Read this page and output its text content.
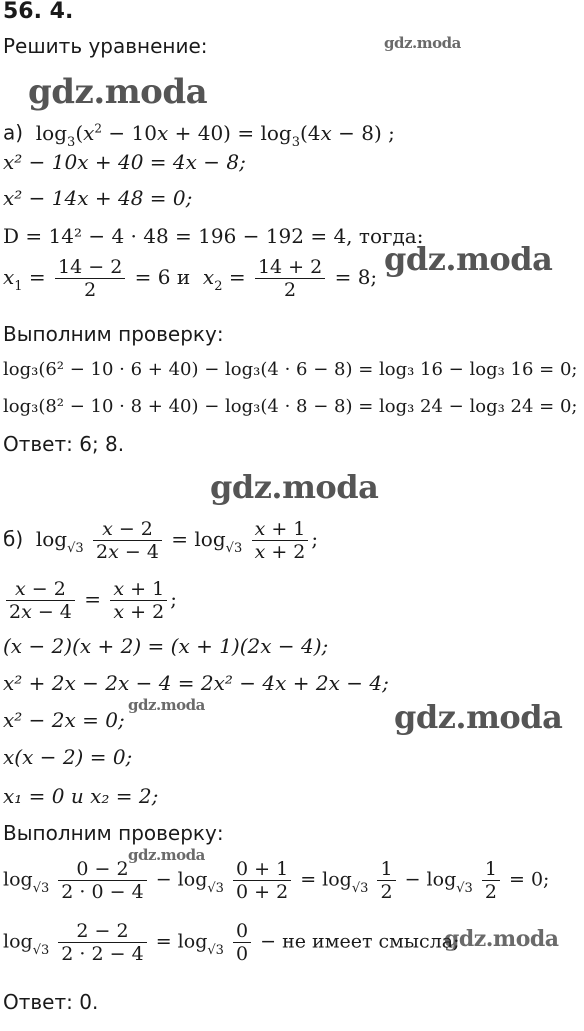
56. 4.
Решить уравнение:	gdz.moda
gdz.moda
gdz.moda
gdz.moda
gdz.moda	gdz.moda
gdz.moda
gdz.moda
а)  $\log_3(x^2 - 10x + 40) = \log_3(4x - 8)$ ;
x² − 10x + 40 = 4x − 8;
x² − 14x + 48 = 0;
D = 14² − 4 · 48 = 196 − 192 = 4, тогда:
$x_1 = \frac{14 - 2}{2} = 6$ и $x_2 = \frac{14 + 2}{2} = 8$;
Выполним проверку:
log₃(6² − 10 · 6 + 40) − log₃(4 · 6 − 8) = log₃ 16 − log₃ 16 = 0;
log₃(8² − 10 · 8 + 40) − log₃(4 · 8 − 8) = log₃ 24 − log₃ 24 = 0;
Ответ: 6; 8.
б)  $\log_{√3} \frac{x - 2}{2x - 4} = \log_{√3} \frac{x + 1}{x + 2}$ ;
$\frac{x - 2}{2x - 4} = \frac{x + 1}{x + 2}$ ;
(x − 2)(x + 2) = (x + 1)(2x − 4);
x² + 2x − 2x − 4 = 2x² − 4x + 2x − 4;
x² − 2x = 0;
x(x − 2) = 0;
x₁ = 0 и x₂ = 2;
Выполним проверку:
$\log_{√3} \frac{0 - 2}{2 \cdot 0 - 4} - \log_{√3} \frac{0 + 1}{0 + 2} = \log_{√3} \frac{1}{2} - \log_{√3} \frac{1}{2} = 0$;
$\log_{√3} \frac{2 - 2}{2 \cdot 2 - 4} = \log_{√3} \frac{0}{0}$ − не имеет смысла;
Ответ: 0.
